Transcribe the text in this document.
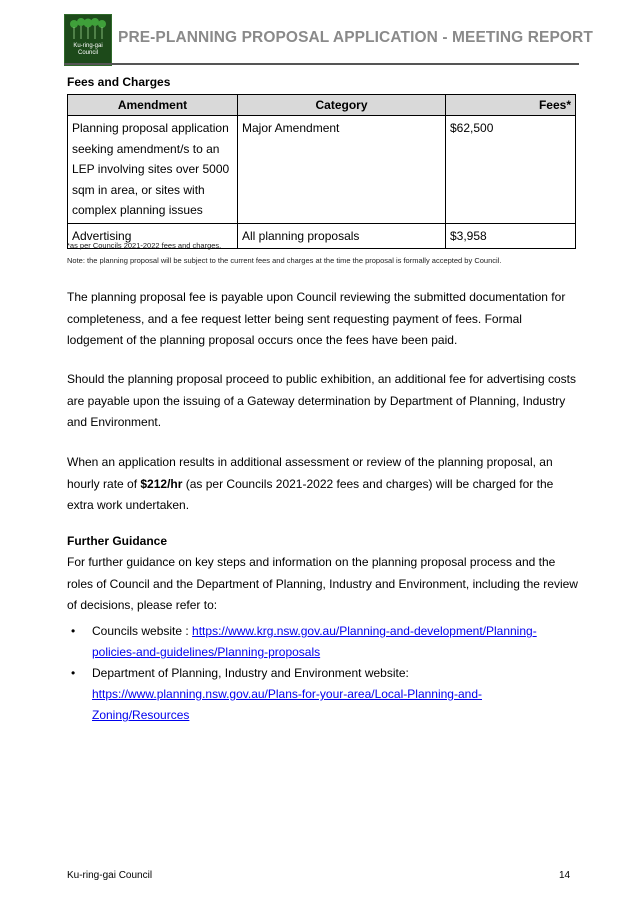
Ku-ring-gai
Council
PRE-PLANNING PROPOSAL APPLICATION - MEETING REPORT
Fees and Charges
Amendment	Category	Fees*

Planning proposal application
seeking amendment/s to an
LEP involving sites over 5000
sqm in area, or sites with
complex planning issues	Major Amendment	$62,500

Advertising	All planning proposals	$3,958
*as per Councils 2021-2022 fees and charges.
Note: the planning proposal will be subject to the current fees and charges at the time the proposal is formally accepted by Council.

The planning proposal fee is payable upon Council reviewing the submitted documentation for completeness, and a fee request letter being sent requesting payment of fees. Formal lodgement of the planning proposal occurs once the fees have been paid.

Should the planning proposal proceed to public exhibition, an additional fee for advertising costs are payable upon the issuing of a Gateway determination by Department of Planning, Industry and Environment.

When an application results in additional assessment or review of the planning proposal, an hourly rate of $212/hr (as per Councils 2021-2022 fees and charges) will be charged for the extra work undertaken.

Further Guidance

For further guidance on key steps and information on the planning proposal process and the roles of Council and the Department of Planning, Industry and Environment, including the review of decisions, please refer to:

• Councils website : https://www.krg.nsw.gov.au/Planning-and-development/Planning-
policies-and-guidelines/Planning-proposals
• Department of Planning, Industry and Environment website:
https://www.planning.nsw.gov.au/Plans-for-your-area/Local-Planning-and-
Zoning/Resources
Ku-ring-gai Council	14
